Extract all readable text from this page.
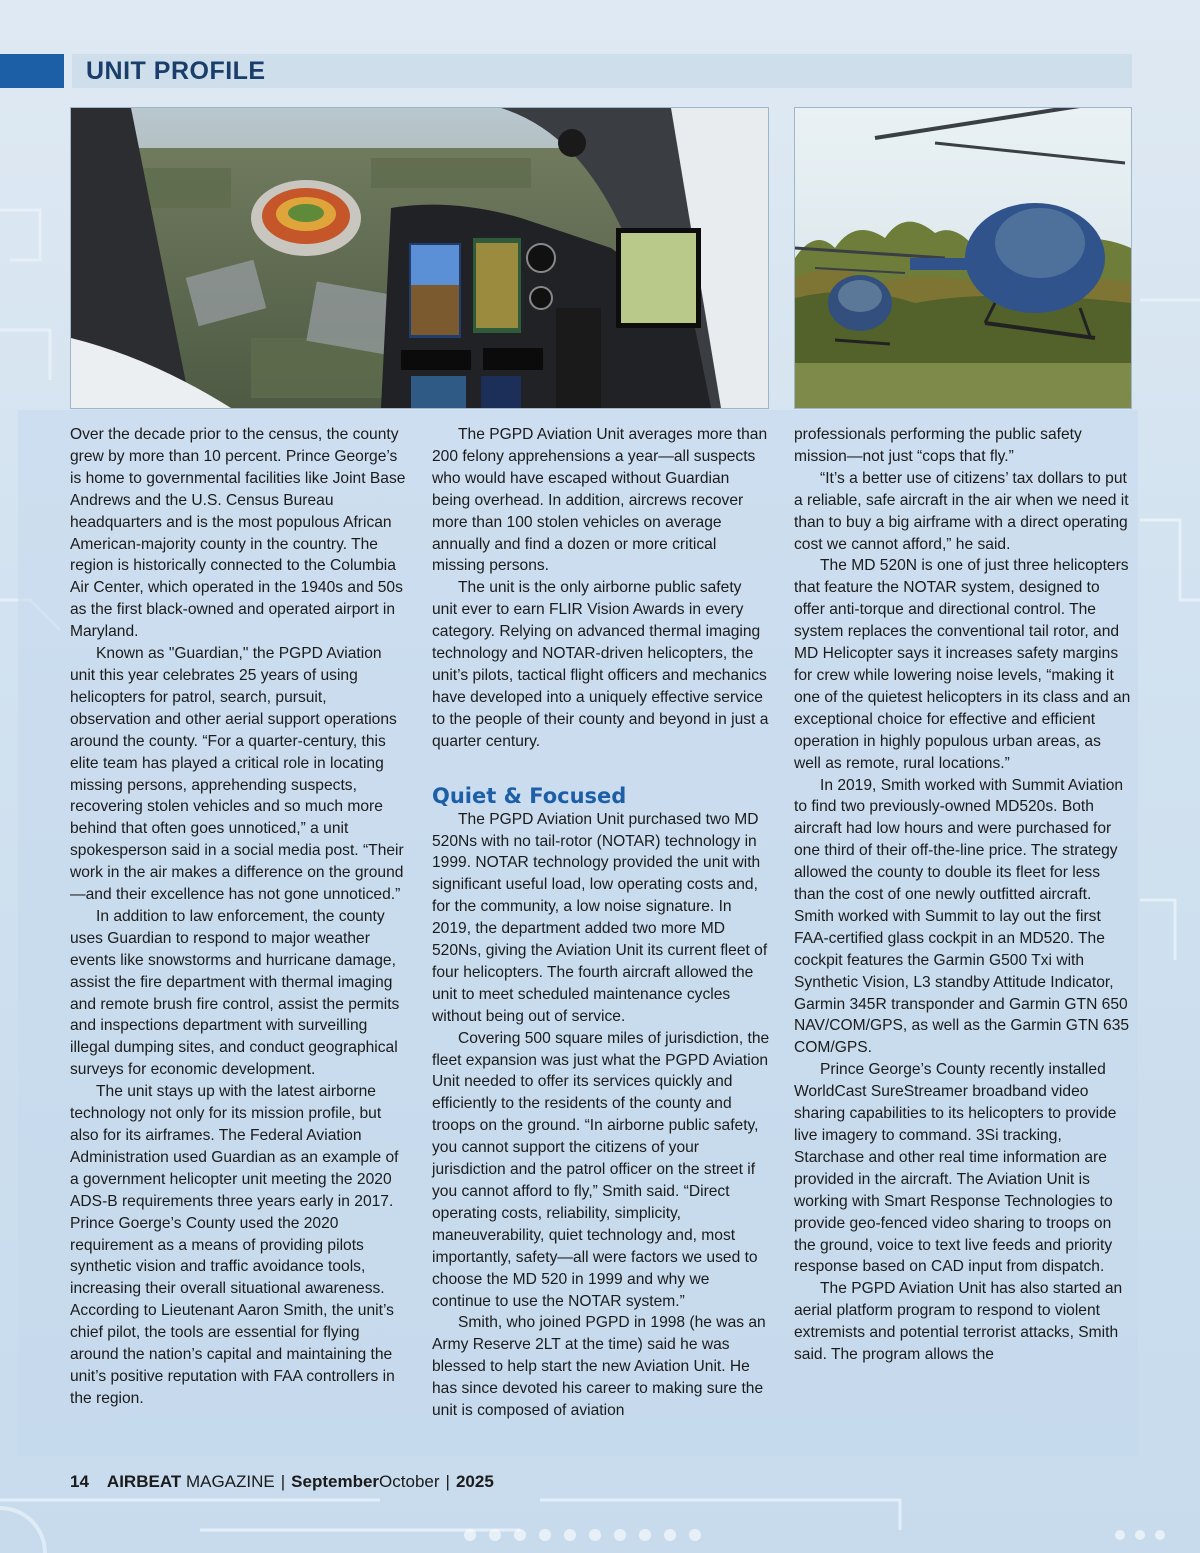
UNIT PROFILE

Over the decade prior to the census, the county grew by more than 10 percent. Prince George’s is home to governmental facilities like Joint Base Andrews and the U.S. Census Bureau headquarters and is the most populous African American-majority county in the country. The region is historically connected to the Columbia Air Center, which operated in the 1940s and 50s as the first black-owned and operated airport in Maryland.

Known as "Guardian," the PGPD Aviation unit this year celebrates 25 years of using helicopters for patrol, search, pursuit, observation and other aerial support operations around the county. “For a quarter-century, this elite team has played a critical role in locating missing persons, apprehending suspects, recovering stolen vehicles and so much more behind that often goes unnoticed,” a unit spokesperson said in a social media post. “Their work in the air makes a difference on the ground—and their excellence has not gone unnoticed.”

In addition to law enforcement, the county uses Guardian to respond to major weather events like snowstorms and hurricane damage, assist the fire department with thermal imaging and remote brush fire control, assist the permits and inspections department with surveilling illegal dumping sites, and conduct geographical surveys for economic development.

The unit stays up with the latest airborne technology not only for its mission profile, but also for its airframes. The Federal Aviation Administration used Guardian as an example of a government helicopter unit meeting the 2020 ADS-B requirements three years early in 2017. Prince Goerge’s County used the 2020 requirement as a means of providing pilots synthetic vision and traffic avoidance tools, increasing their overall situational awareness. According to Lieutenant Aaron Smith, the unit’s chief pilot, the tools are essential for flying around the nation’s capital and maintaining the unit’s positive reputation with FAA controllers in the region.

The PGPD Aviation Unit averages more than 200 felony apprehensions a year—all suspects who would have escaped without Guardian being overhead. In addition, aircrews recover more than 100 stolen vehicles on average annually and find a dozen or more critical missing persons.

The unit is the only airborne public safety unit ever to earn FLIR Vision Awards in every category. Relying on advanced thermal imaging technology and NOTAR-driven helicopters, the unit’s pilots, tactical flight officers and mechanics have developed into a uniquely effective service to the people of their county and beyond in just a quarter century.

Quiet & Focused

The PGPD Aviation Unit purchased two MD 520Ns with no tail-rotor (NOTAR) technology in 1999. NOTAR technology provided the unit with significant useful load, low operating costs and, for the community, a low noise signature. In 2019, the department added two more MD 520Ns, giving the Aviation Unit its current fleet of four helicopters. The fourth aircraft allowed the unit to meet scheduled maintenance cycles without being out of service.

Covering 500 square miles of jurisdiction, the fleet expansion was just what the PGPD Aviation Unit needed to offer its services quickly and efficiently to the residents of the county and troops on the ground. “In airborne public safety, you cannot support the citizens of your jurisdiction and the patrol officer on the street if you cannot afford to fly,” Smith said. “Direct operating costs, reliability, simplicity, maneuverability, quiet technology and, most importantly, safety—all were factors we used to choose the MD 520 in 1999 and why we continue to use the NOTAR system.”

Smith, who joined PGPD in 1998 (he was an Army Reserve 2LT at the time) said he was blessed to help start the new Aviation Unit. He has since devoted his career to making sure the unit is composed of aviation

professionals performing the public safety mission—not just “cops that fly.”

“It’s a better use of citizens’ tax dollars to put a reliable, safe aircraft in the air when we need it than to buy a big airframe with a direct operating cost we cannot afford,” he said.

The MD 520N is one of just three helicopters that feature the NOTAR system, designed to offer anti-torque and directional control. The system replaces the conventional tail rotor, and MD Helicopter says it increases safety margins for crew while lowering noise levels, “making it one of the quietest helicopters in its class and an exceptional choice for effective and efficient operation in highly populous urban areas, as well as remote, rural locations.”

In 2019, Smith worked with Summit Aviation to find two previously-owned MD520s. Both aircraft had low hours and were purchased for one third of their off-the-line price. The strategy allowed the county to double its fleet for less than the cost of one newly outfitted aircraft. Smith worked with Summit to lay out the first FAA-certified glass cockpit in an MD520. The cockpit features the Garmin G500 Txi with Synthetic Vision, L3 standby Attitude Indicator, Garmin 345R transponder and Garmin GTN 650 NAV/COM/GPS, as well as the Garmin GTN 635 COM/GPS.

Prince George’s County recently installed WorldCast SureStreamer broadband video sharing capabilities to its helicopters to provide live imagery to command. 3Si tracking, Starchase and other real time information are provided in the aircraft. The Aviation Unit is working with Smart Response Technologies to provide geo-fenced video sharing to troops on the ground, voice to text live feeds and priority response based on CAD input from dispatch.

The PGPD Aviation Unit has also started an aerial platform program to respond to violent extremists and potential terrorist attacks, Smith said. The program allows the

14 AIRBEAT MAGAZINE | SeptemberOctober | 2025
